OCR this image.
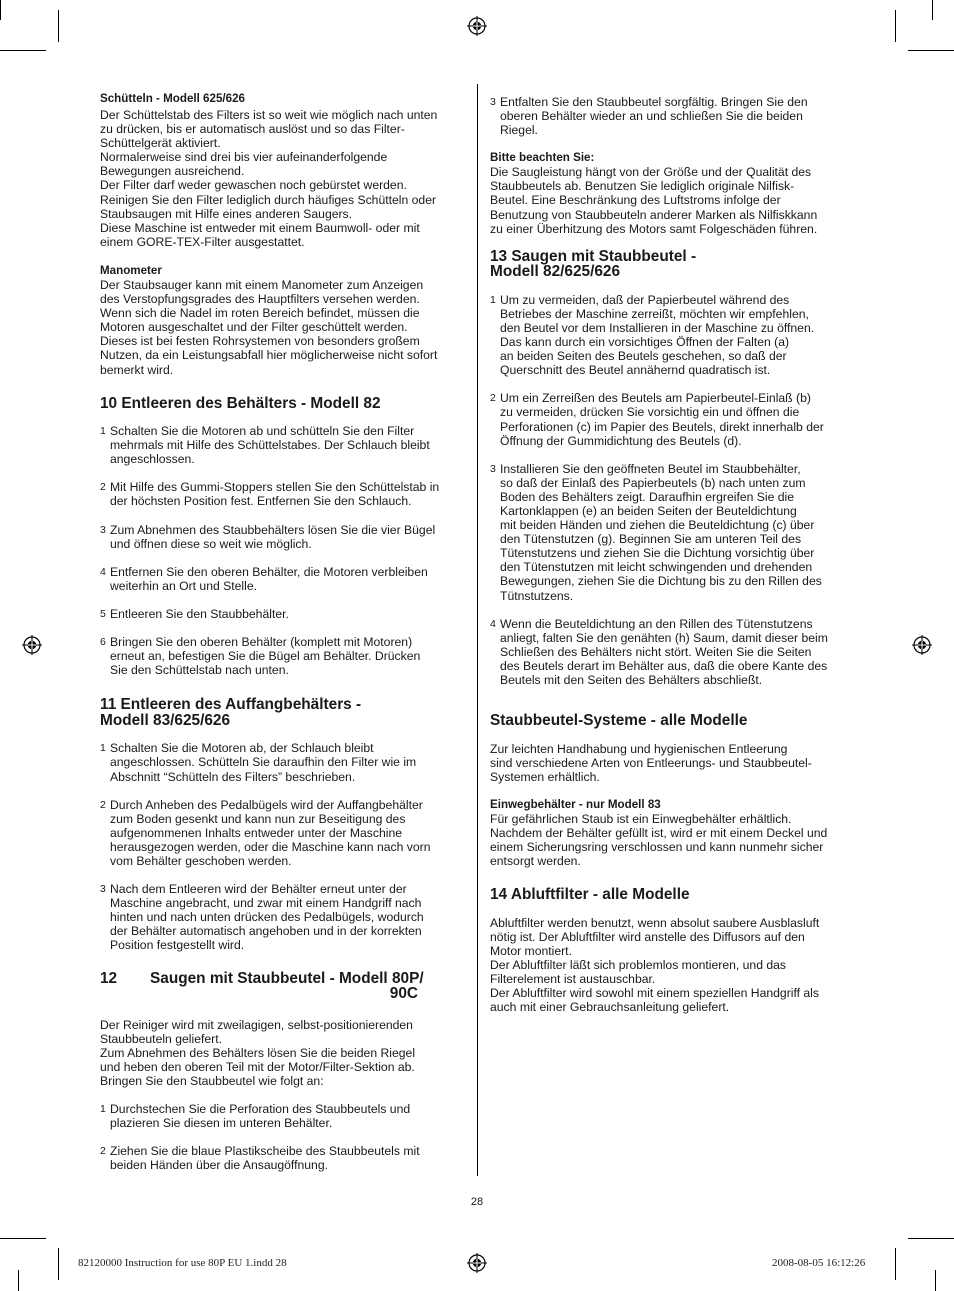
Schütteln - Modell 625/626

Der Schüttelstab des Filters ist so weit wie möglich nach unten
zu drücken, bis er automatisch auslöst und so das Filter-
Schüttelgerät aktiviert.
Normalerweise sind drei bis vier aufeinanderfolgende
Bewegungen ausreichend.
Der Filter darf weder gewaschen noch gebürstet werden.
Reinigen Sie den Filter lediglich durch häufiges Schütteln oder
Staubsaugen mit Hilfe eines anderen Saugers.
Diese Maschine ist entweder mit einem Baumwoll- oder mit
einem GORE-TEX-Filter ausgestattet.

Manometer

Der Staubsauger kann mit einem Manometer zum Anzeigen
des Verstopfungsgrades des Hauptfilters versehen werden.
Wenn sich die Nadel im roten Bereich befindet, müssen die
Motoren ausgeschaltet und der Filter geschüttelt werden.
Dieses ist bei festen Rohrsystemen von besonders großem
Nutzen, da ein Leistungsabfall hier möglicherweise nicht sofort
bemerkt wird.

10 Entleeren des Behälters - Modell 82

1 Schalten Sie die Motoren ab und schütteln Sie den Filter
mehrmals mit Hilfe des Schüttelstabes. Der Schlauch bleibt
angeschlossen.
2 Mit Hilfe des Gummi-Stoppers stellen Sie den Schüttelstab in
der höchsten Position fest. Entfernen Sie den Schlauch.
3 Zum Abnehmen des Staubbehälters lösen Sie die vier Bügel
und öffnen diese so weit wie möglich.
4 Entfernen Sie den oberen Behälter, die Motoren verbleiben
weiterhin an Ort und Stelle.
5 Entleeren Sie den Staubbehälter.
6 Bringen Sie den oberen Behälter (komplett mit Motoren)
erneut an, befestigen Sie die Bügel am Behälter. Drücken
Sie den Schüttelstab nach unten.

11 Entleeren des Auffangbehälters -
Modell 83/625/626

1 Schalten Sie die Motoren ab, der Schlauch bleibt
angeschlossen. Schütteln Sie daraufhin den Filter wie im
Abschnitt “Schütteln des Filters” beschrieben.
2 Durch Anheben des Pedalbügels wird der Auffangbehälter
zum Boden gesenkt und kann nun zur Beseitigung des
aufgenommenen Inhalts entweder unter der Maschine
herausgezogen werden, oder die Maschine kann nach vorn
vom Behälter geschoben werden.
3 Nach dem Entleeren wird der Behälter erneut unter der
Maschine angebracht, und zwar mit einem Handgriff nach
hinten und nach unten drücken des Pedalbügels, wodurch
der Behälter automatisch angehoben und in der korrekten
Position festgestellt wird.
12	Saugen mit Staubbeutel - Modell 80P/
90C

Der Reiniger wird mit zweilagigen, selbst-positionierenden
Staubbeuteln geliefert.
Zum Abnehmen des Behälters lösen Sie die beiden Riegel
und heben den oberen Teil mit der Motor/Filter-Sektion ab.
Bringen Sie den Staubbeutel wie folgt an:

1 Durchstechen Sie die Perforation des Staubbeutels und
plazieren Sie diesen im unteren Behälter.
2 Ziehen Sie die blaue Plastikscheibe des Staubbeutels mit
beiden Händen über die Ansaugöffnung.
3 Entfalten Sie den Staubbeutel sorgfältig. Bringen Sie den
oberen Behälter wieder an und schließen Sie die beiden
Riegel.

Bitte beachten Sie:

Die Saugleistung hängt von der Größe und der Qualität des
Staubbeutels ab. Benutzen Sie lediglich originale Nilfisk-
Beutel. Eine Beschränkung des Luftstroms infolge der
Benutzung von Staubbeuteln anderer Marken als Nilfiskkann
zu einer Überhitzung des Motors samt Folgeschäden führen.

13 Saugen mit Staubbeutel -
Modell 82/625/626

1 Um zu vermeiden, daß der Papierbeutel während des
Betriebes der Maschine zerreißt, möchten wir empfehlen,
den Beutel vor dem Installieren in der Maschine zu öffnen.
Das kann durch ein vorsichtiges Öffnen der Falten (a)
an beiden Seiten des Beutels geschehen, so daß der
Querschnitt des Beutel annähernd quadratisch ist.
2 Um ein Zerreißen des Beutels am Papierbeutel-Einlaß (b)
zu vermeiden, drücken Sie vorsichtig ein und öffnen die
Perforationen (c) im Papier des Beutels, direkt innerhalb der
Öffnung der Gummidichtung des Beutels (d).
3 Installieren Sie den geöffneten Beutel im Staubbehälter,
so daß der Einlaß des Papierbeutels (b) nach unten zum
Boden des Behälters zeigt. Daraufhin ergreifen Sie die
Kartonklappen (e) an beiden Seiten der Beuteldichtung
mit beiden Händen und ziehen die Beuteldichtung (c) über
den Tütenstutzen (g). Beginnen Sie am unteren Teil des
Tütenstutzens und ziehen Sie die Dichtung vorsichtig über
den Tütenstutzen mit leicht schwingenden und drehenden
Bewegungen, ziehen Sie die Dichtung bis zu den Rillen des
Tütnstutzens.
4 Wenn die Beuteldichtung an den Rillen des Tütenstutzens
anliegt, falten Sie den genähten (h) Saum, damit dieser beim
Schließen des Behälters nicht stört. Weiten Sie die Seiten
des Beutels derart im Behälter aus, daß die obere Kante des
Beutels mit den Seiten des Behälters abschließt.

Staubbeutel-Systeme - alle Modelle

Zur leichten Handhabung und hygienischen Entleerung
sind verschiedene Arten von Entleerungs- und Staubbeutel-
Systemen erhältlich.

Einwegbehälter - nur Modell 83

Für gefährlichen Staub ist ein Einwegbehälter erhältlich.
Nachdem der Behälter gefüllt ist, wird er mit einem Deckel und
einem Sicherungsring verschlossen und kann nunmehr sicher
entsorgt werden.

14 Abluftfilter - alle Modelle

Abluftfilter werden benutzt, wenn absolut saubere Ausblasluft
nötig ist. Der Abluftfilter wird anstelle des Diffusors auf den
Motor montiert.
Der Abluftfilter läßt sich problemlos montieren, und das
Filterelement ist austauschbar.
Der Abluftfilter wird sowohl mit einem speziellen Handgriff als
auch mit einer Gebrauchsanleitung geliefert.

28
82120000 Instruction for use 80P EU 1.indd 28	2008-08-05 16:12:26
